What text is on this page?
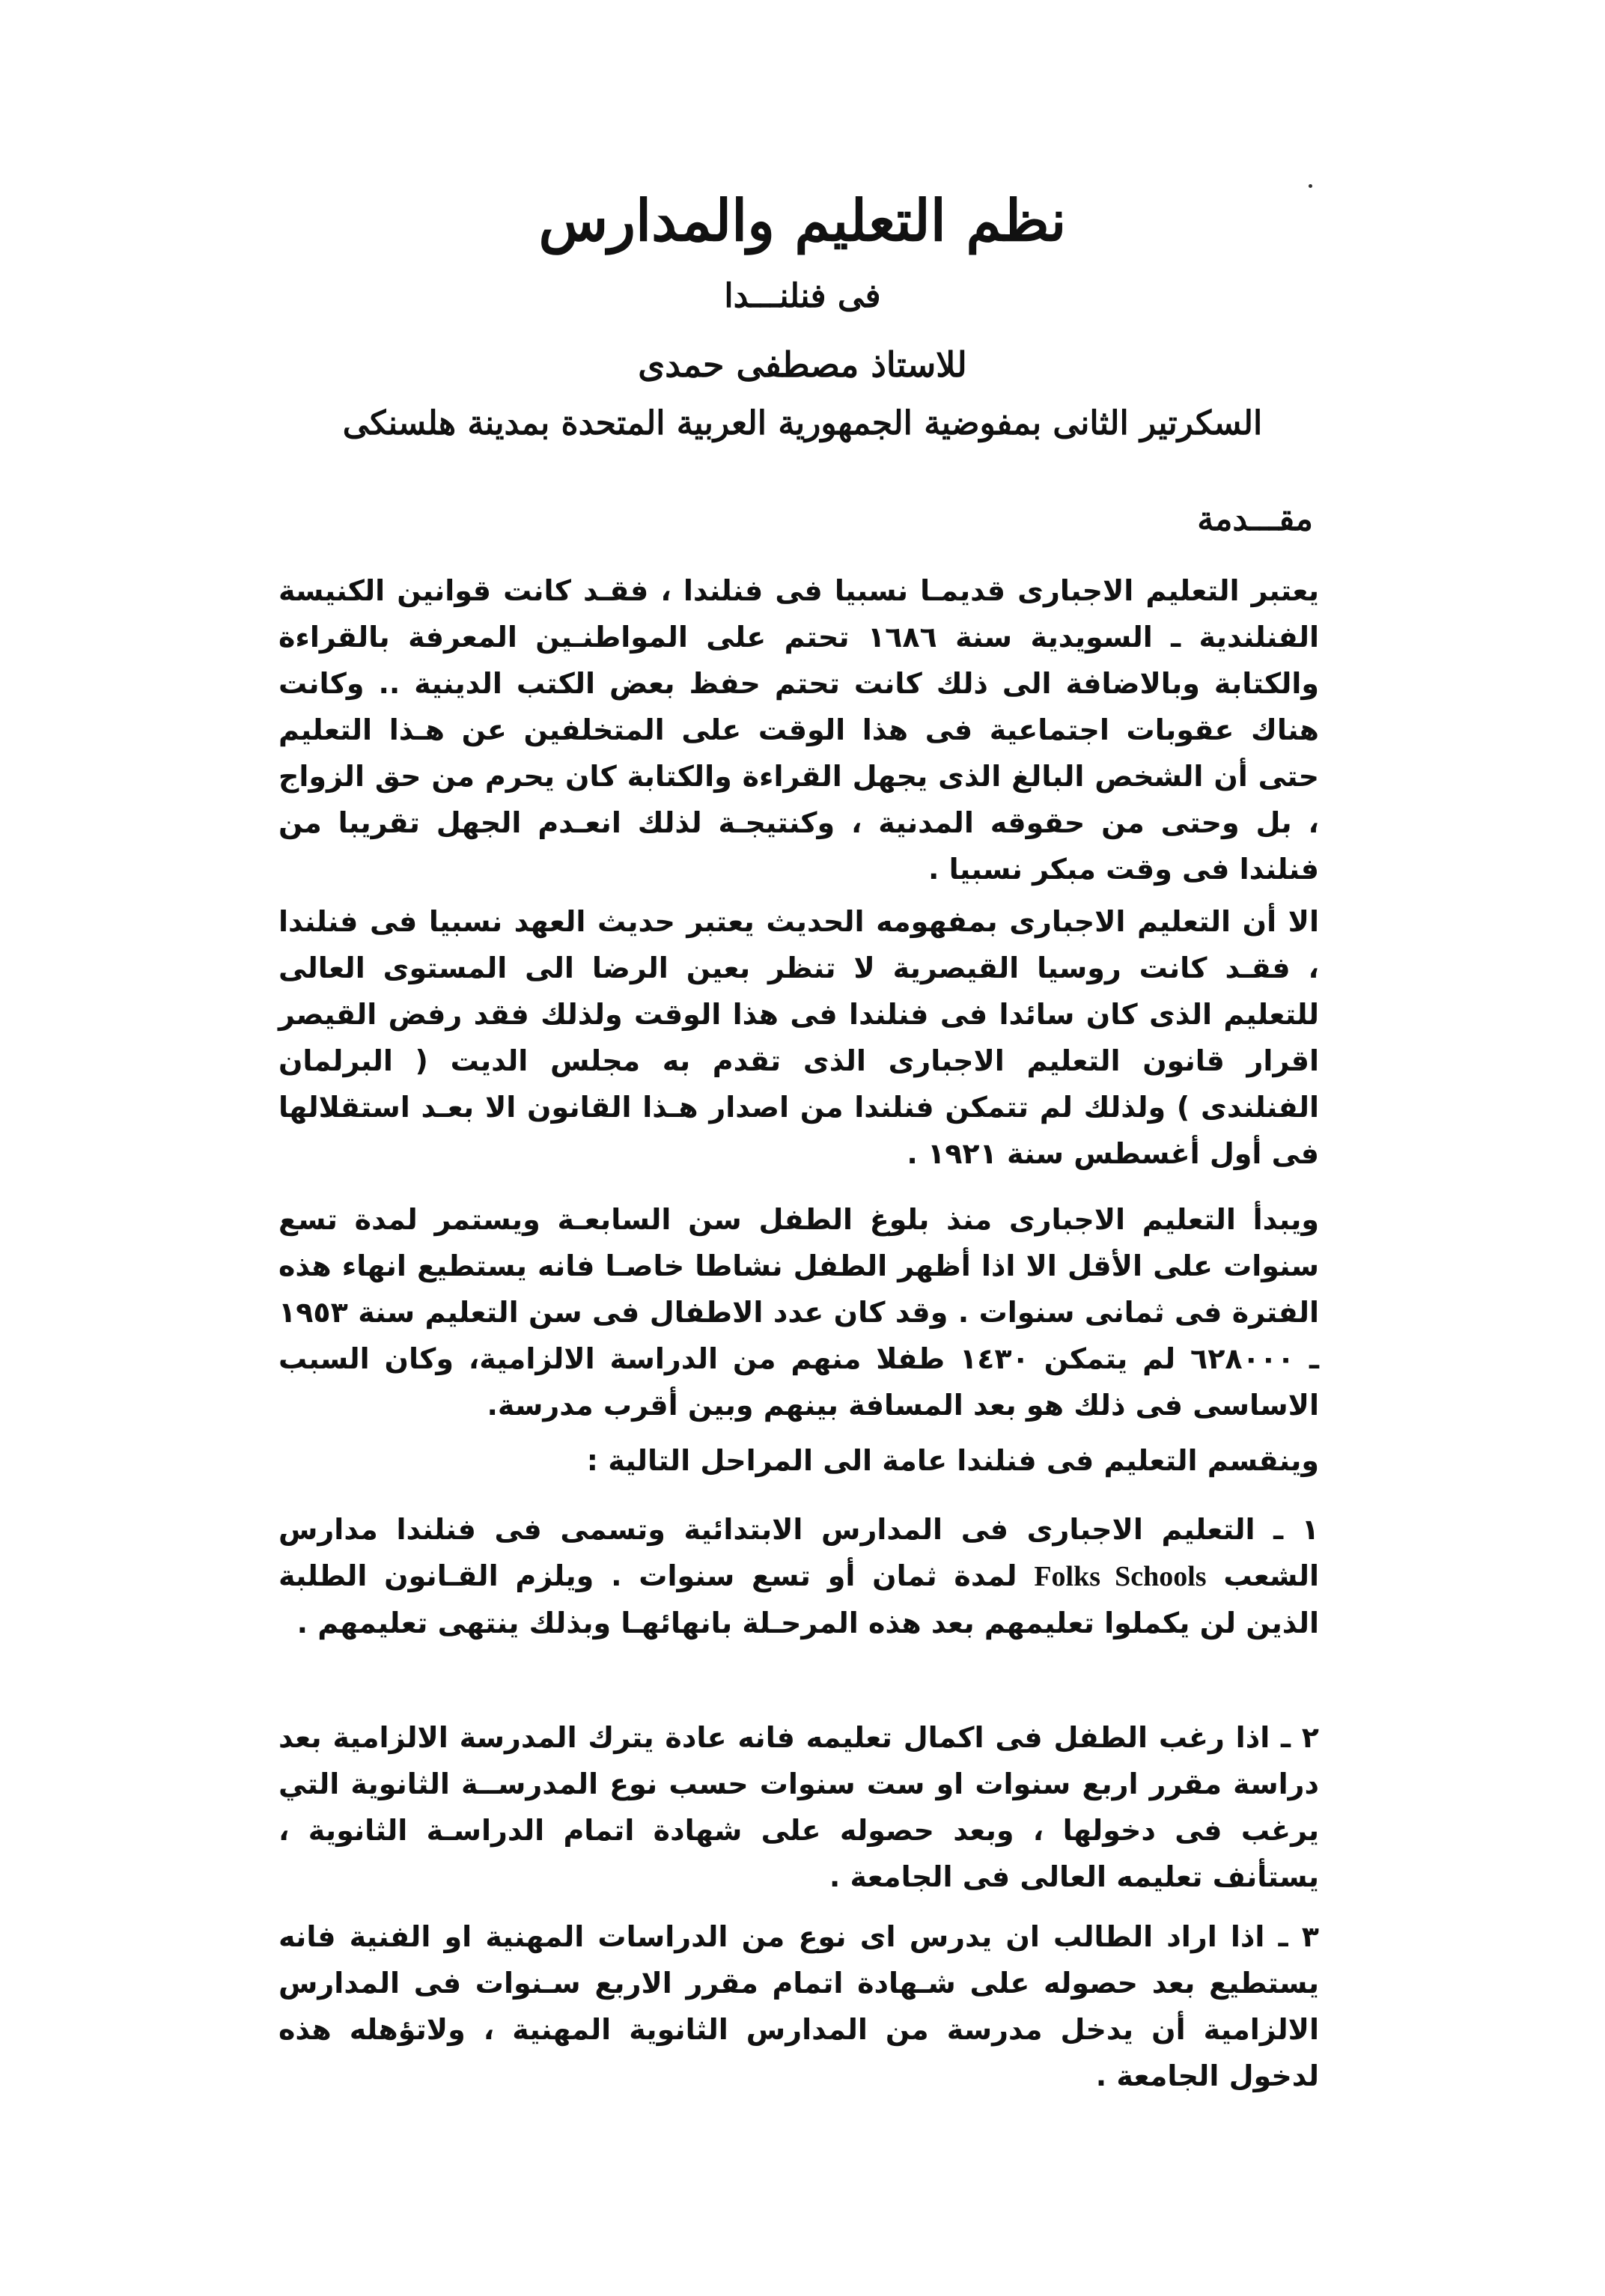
نظم التعليم والمدارس
فى فنلنـــدا
للاستاذ مصطفى حمدى
السكرتير الثانى بمفوضية الجمهورية العربية المتحدة بمدينة هلسنكى
مقـــدمة

يعتبر التعليم الاجبارى قديمـا نسبيا فى فنلندا ، فقـد كانت قوانين الكنيسة الفنلندية ـ السويدية سنة ١٦٨٦ تحتم على المواطنـين المعرفة بالقراءة والكتابة وبالاضافة الى ذلك كانت تحتم حفظ بعض الكتب الدينية .. وكانت هناك عقوبات اجتماعية فى هذا الوقت على المتخلفين عن هـذا التعليم حتى أن الشخص البالغ الذى يجهل القراءة والكتابة كان يحرم من حق الزواج ، بل وحتى من حقوقه المدنية ، وكنتيجـة لذلك انعـدم الجهل تقريبا من فنلندا فى وقت مبكر نسبيا .

الا أن التعليم الاجبارى بمفهومه الحديث يعتبر حديث العهد نسبيا فى فنلندا ، فقـد كانت روسيا القيصرية لا تنظر بعين الرضا الى المستوى العالى للتعليم الذى كان سائدا فى فنلندا فى هذا الوقت ولذلك فقد رفض القيصر اقرار قانون التعليم الاجبارى الذى تقدم به مجلس الديت ( البرلمان الفنلندى ) ولذلك لم تتمكن فنلندا من اصدار هـذا القانون الا بعـد استقلالها فى أول أغسطس سنة ١٩٢١ .

ويبدأ التعليم الاجبارى منذ بلوغ الطفل سن السابعـة ويستمر لمدة تسع سنوات على الأقل الا اذا أظهر الطفل نشاطا خاصـا فانه يستطيع انهاء هذه الفترة فى ثمانى سنوات . وقد كان عدد الاطفال فى سن التعليم سنة ١٩٥٣ ـ ٦٢٨٠٠٠ لم يتمكن ١٤٣٠ طفلا منهم من الدراسة الالزامية، وكان السبب الاساسى فى ذلك هو بعد المسافة بينهم وبين أقرب مدرسة.

وينقسم التعليم فى فنلندا عامة الى المراحل التالية :

١ ـ التعليم الاجبارى فى المدارس الابتدائية وتسمى فى فنلندا مدارس الشعب Folks Schools لمدة ثمان أو تسع سنوات . ويلزم القـانون الطلبة الذين لن يكملوا تعليمهم بعد هذه المرحـلة بانهائهـا وبذلك ينتهى تعليمهم .

٢ ـ اذا رغب الطفل فى اكمال تعليمه فانه عادة يترك المدرسة الالزامية بعد دراسة مقرر اربع سنوات او ست سنوات حسب نوع المدرســة الثانوية التي يرغب فى دخولها ، وبعد حصوله على شهادة اتمام الدراسـة الثانوية ، يستأنف تعليمه العالى فى الجامعة .

٣ ـ اذا اراد الطالب ان يدرس اى نوع من الدراسات المهنية او الفنية فانه يستطيع بعد حصوله على شـهادة اتمام مقرر الاربع سـنوات فى المدارس الالزامية أن يدخل مدرسة من المدارس الثانوية المهنية ، ولاتؤهله هذه لدخول الجامعة .
